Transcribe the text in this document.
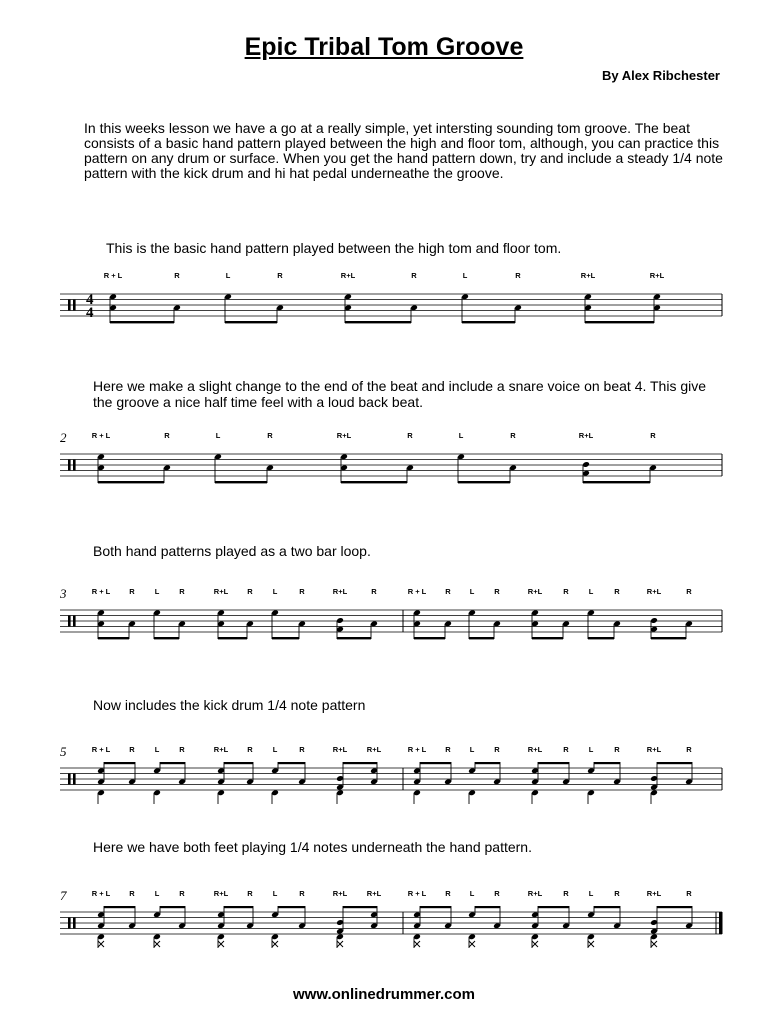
Epic Tribal Tom Groove
By Alex Ribchester

In this weeks lesson we have a go at a really simple, yet intersting sounding tom groove. The beat consists of a basic hand pattern played between the high and floor tom, although, you can practice this pattern on any drum or surface. When you get the hand pattern down, try and include a steady 1/4 note pattern with the kick drum and hi hat pedal underneathe the groove.

This is the basic hand pattern played between the high tom and floor tom.
4
4
R + L	R	L	R	R+L	R	L	R	R+L	R+L
Here we make a slight change to the end of the beat and include a snare voice on beat 4. This give the groove a nice half time feel with a loud back beat.
2	R + L	R	L	R	R+L	R	L	R	R+L	R
Both hand patterns played as a two bar loop.
3	R + L	R	L	R	R+L	R	L	R	R+L	R	R + L	R	L	R	R+L	R	L	R	R+L	R
Now includes the kick drum 1/4 note pattern
5	R + L	R	L	R	R+L	R	L	R	R+L	R+L	R + L	R	L	R	R+L	R	L	R	R+L	R
Here we have both feet playing 1/4 notes underneath the hand pattern.
7	R + L	R	L	R	R+L	R	L	R	R+L	R+L	R + L	R	L	R	R+L	R	L	R	R+L	R
www.onlinedrummer.com
